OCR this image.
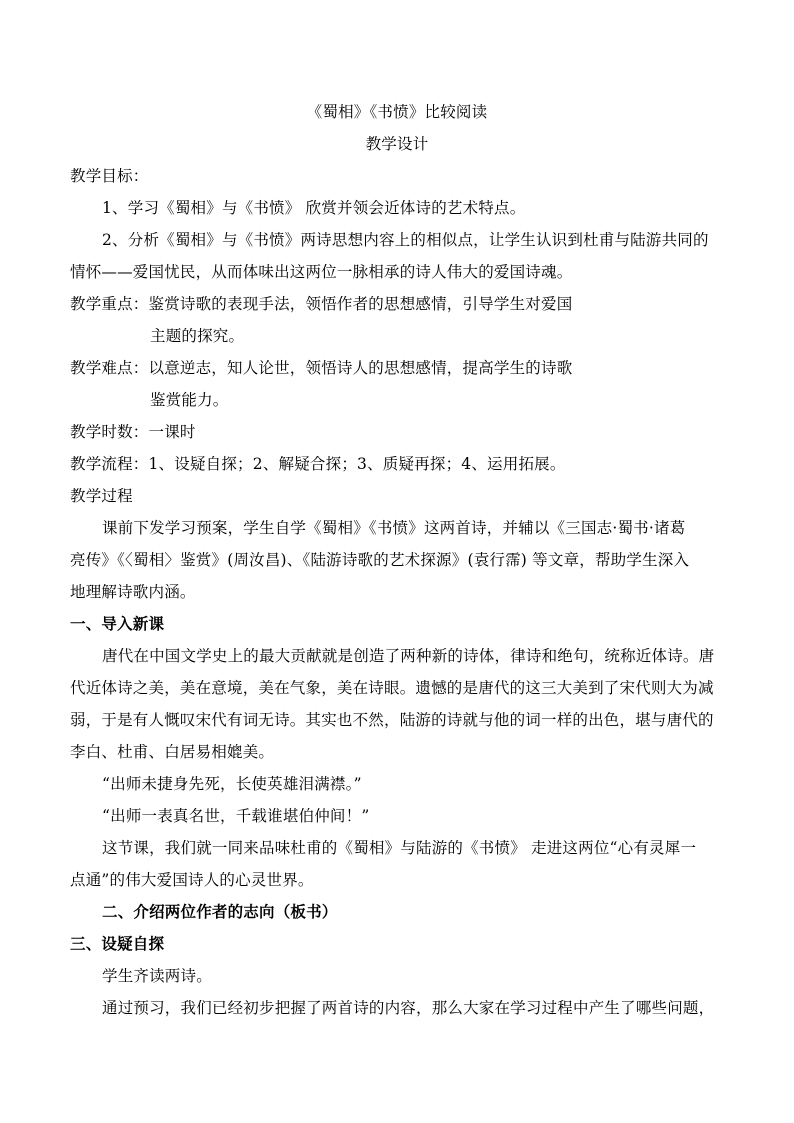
《蜀相》《书愤》比较阅读
教学设计
教学目标：
1、学习《蜀相》与《书愤》 欣赏并领会近体诗的艺术特点。
2、分析《蜀相》与《书愤》两诗思想内容上的相似点，让学生认识到杜甫与陆游共同的
情怀——爱国忧民，从而体味出这两位一脉相承的诗人伟大的爱国诗魂。
教学重点：鉴赏诗歌的表现手法，领悟作者的思想感情，引导学生对爱国
主题的探究。
教学难点：以意逆志，知人论世，领悟诗人的思想感情，提高学生的诗歌
鉴赏能力。
教学时数：一课时
教学流程：1、设疑自探；2、解疑合探；3、质疑再探；4、运用拓展。
教学过程
课前下发学习预案，学生自学《蜀相》《书愤》这两首诗，并辅以《三国志·蜀书·诸葛
亮传》《〈蜀相〉鉴赏》(周汝昌)、《陆游诗歌的艺术探源》(袁行霈) 等文章，帮助学生深入
地理解诗歌内涵。
一、导入新课
唐代在中国文学史上的最大贡献就是创造了两种新的诗体，律诗和绝句，统称近体诗。唐
代近体诗之美，美在意境，美在气象，美在诗眼。遗憾的是唐代的这三大美到了宋代则大为减
弱，于是有人慨叹宋代有词无诗。其实也不然，陆游的诗就与他的词一样的出色，堪与唐代的
李白、杜甫、白居易相媲美。
“出师未捷身先死，长使英雄泪满襟。”
“出师一表真名世，千载谁堪伯仲间！”
这节课，我们就一同来品味杜甫的《蜀相》与陆游的《书愤》 走进这两位“心有灵犀一
点通”的伟大爱国诗人的心灵世界。
二、介绍两位作者的志向（板书）
三、设疑自探
学生齐读两诗。
通过预习，我们已经初步把握了两首诗的内容，那么大家在学习过程中产生了哪些问题，
